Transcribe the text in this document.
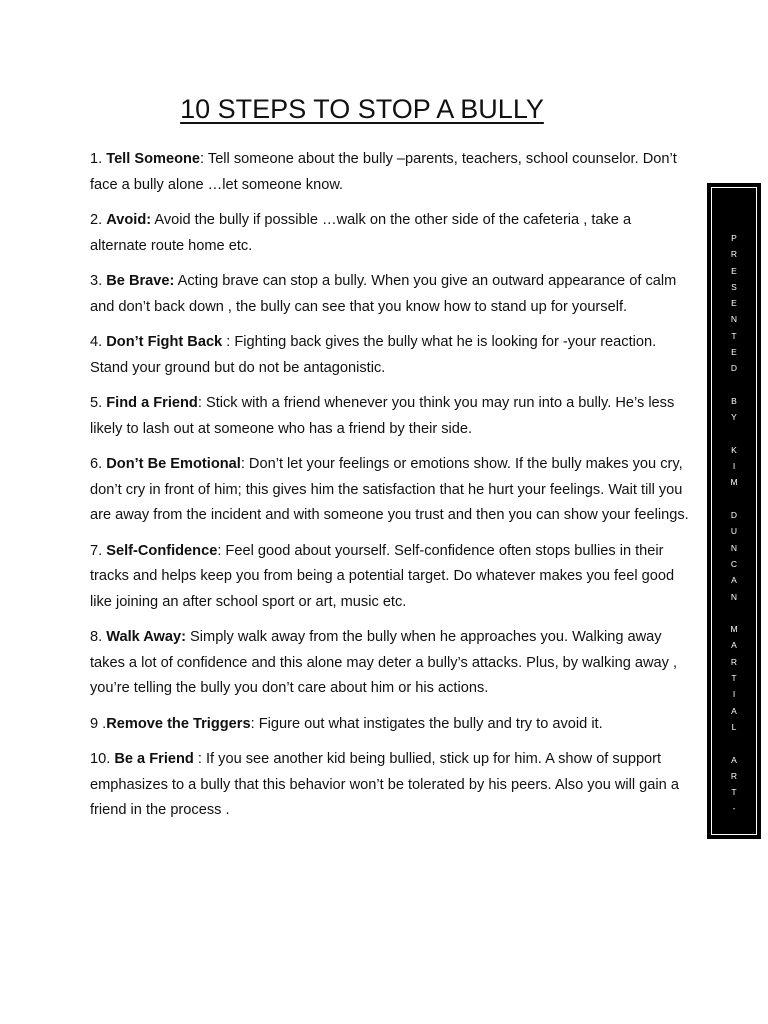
10 STEPS TO STOP A BULLY

1. Tell Someone: Tell someone about the bully –parents, teachers, school counselor. Don’t face a bully alone …let someone know.

2. Avoid: Avoid the bully if possible …walk on the other side of the cafeteria , take a alternate route home etc.

3. Be Brave: Acting brave can stop a bully. When you give an outward appearance of calm and don’t back down , the bully can see that you know how to stand up for yourself.

4. Don’t Fight Back : Fighting back gives the bully what he is looking for -your reaction. Stand your ground but do not be antagonistic.

5. Find a Friend: Stick with a friend whenever you think you may run into a bully. He’s less likely to lash out at someone who has a friend by their side.

6. Don’t Be Emotional: Don’t let your feelings or emotions show. If the bully makes you cry, don’t cry in front of him; this gives him the satisfaction that he hurt your feelings. Wait till you are away from the incident and with someone you trust and then you can show your feelings.

7. Self-Confidence: Feel good about yourself. Self-confidence often stops bullies in their tracks and helps keep you from being a potential target. Do whatever makes you feel good like joining an after school sport or art, music etc.

8. Walk Away: Simply walk away from the bully when he approaches you. Walking away takes a lot of confidence and this alone may deter a bully’s attacks. Plus, by walking away , you’re telling the bully you don’t care about him or his actions.

9 .Remove the Triggers: Figure out what instigates the bully and try to avoid it.

10. Be a Friend : If you see another kid being bullied, stick up for him. A show of support emphasizes to a bully that this behavior won’t be tolerated by his peers. Also you will gain a friend in the process .

P
R
E
S
E
N
T
E
D

B
Y

K
I
M

D
U
N
C
A
N

M
A
R
T
I
A
L

A
R
T
-
